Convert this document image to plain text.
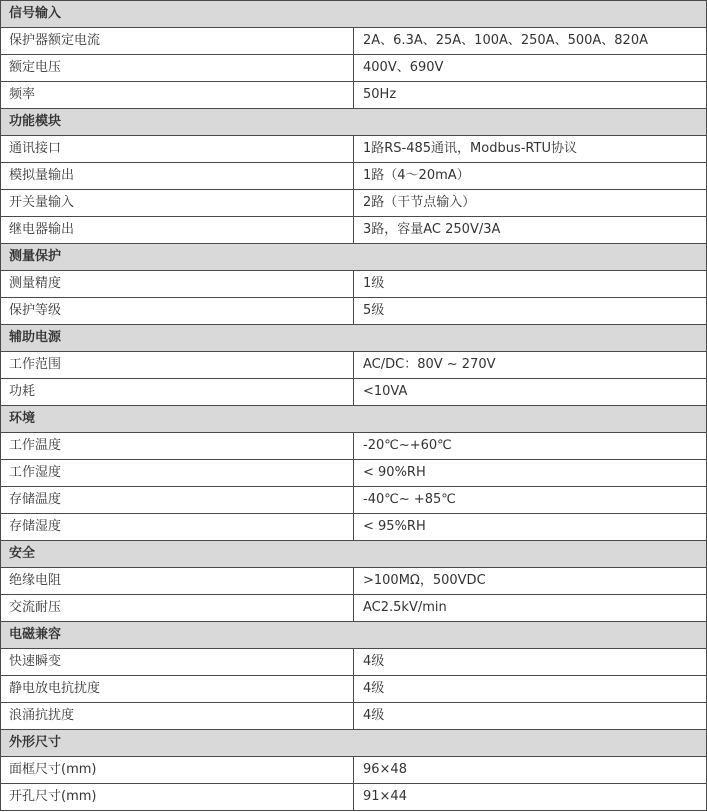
信号输入	
保护器额定电流	2A、6.3A、25A、100A、250A、500A、820A
额定电压	400V、690V
频率	50Hz
功能模块	
通讯接口	1路RS-485通讯，Modbus-RTU协议
模拟量输出	1路（4～20mA）
开关量输入	2路（干节点输入）
继电器输出	3路，容量AC 250V/3A
测量保护	
测量精度	1级
保护等级	5级
辅助电源	
工作范围	AC/DC：80V ~ 270V
功耗	<10VA
环境	
工作温度	-20℃~+60℃
工作湿度	< 90%RH
存储温度	-40℃~ +85℃
存储湿度	< 95%RH
安全	
绝缘电阻	>100MΩ，500VDC
交流耐压	AC2.5kV/min
电磁兼容	
快速瞬变	4级
静电放电抗扰度	4级
浪涌抗扰度	4级
外形尺寸	
面框尺寸(mm)	96×48
开孔尺寸(mm)	91×44
